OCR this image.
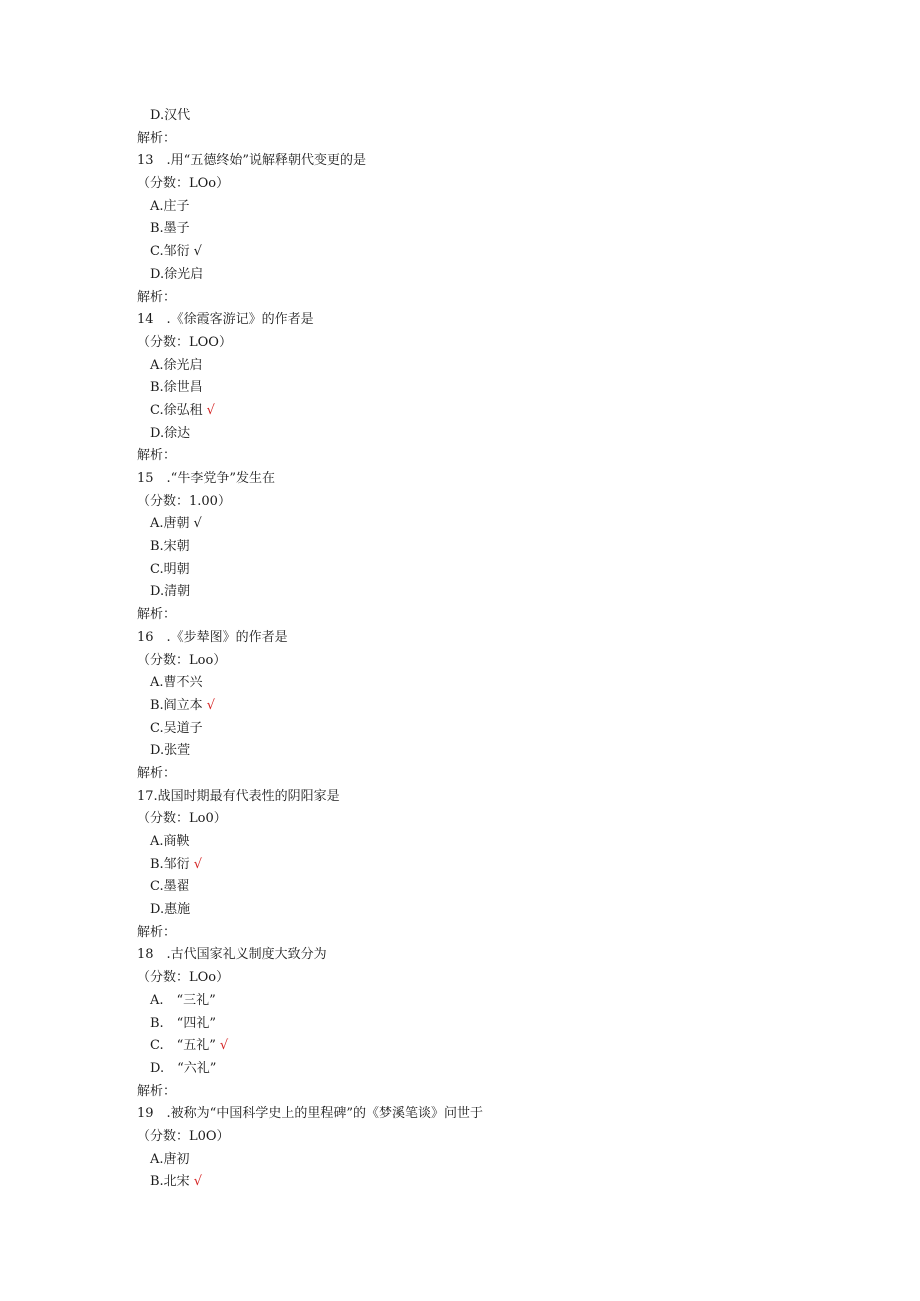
D.汉代
解析：
13　.用“五德终始”说解释朝代变更的是
（分数：LOo）
A.庄子
B.墨子
C.邹衍 √
D.徐光启
解析：
14　.《徐霞客游记》的作者是
（分数：LOO）
A.徐光启
B.徐世昌
C.徐弘租 √
D.徐达
解析：
15　.“牛李党争”发生在
（分数：1.00）
A.唐朝 √
B.宋朝
C.明朝
D.清朝
解析：
16　.《步辇图》的作者是
（分数：Loo）
A.曹不兴
B.阎立本 √
C.吴道子
D.张萱
解析：
17.战国时期最有代表性的阴阳家是
（分数：Lo0）
A.商鞅
B.邹衍 √
C.墨翟
D.惠施
解析：
18　.古代国家礼义制度大致分为
（分数：LOo）
A.　“三礼”
B.　“四礼”
C.　“五礼” √
D.　“六礼”
解析：
19　.被称为“中国科学史上的里程碑”的《梦溪笔谈》问世于
（分数：L0O）
A.唐初
B.北宋 √
